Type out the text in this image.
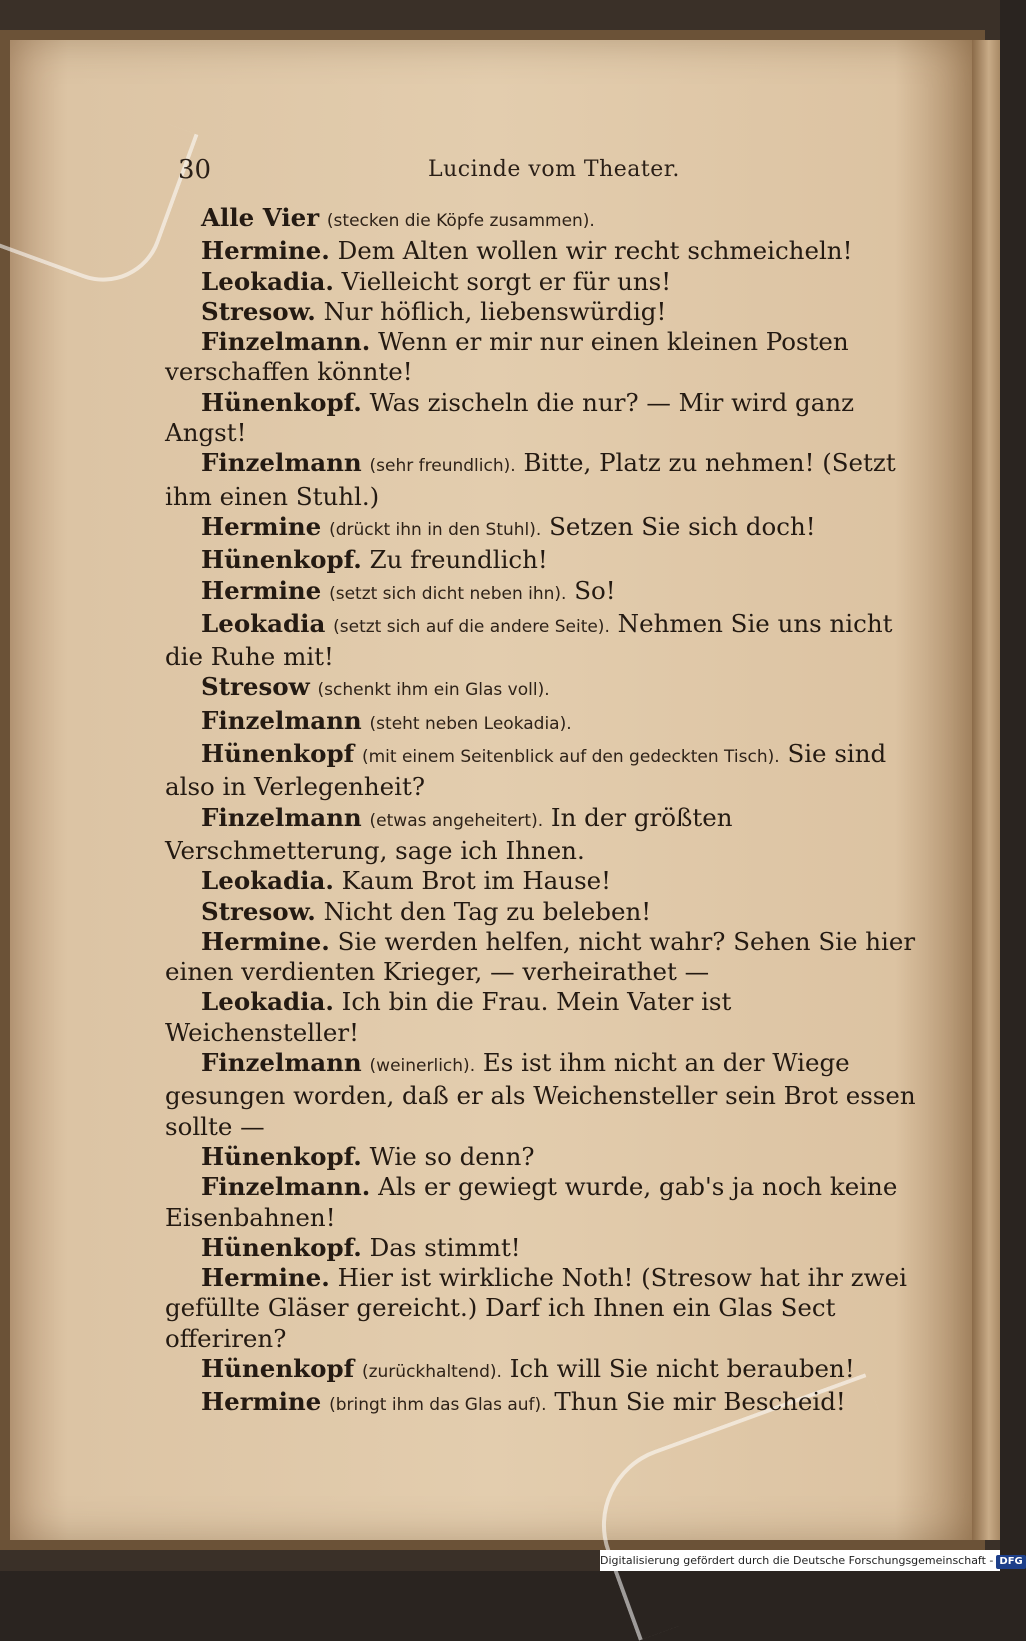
30	Lucinde vom Theater.

Alle Vier (stecken die Köpfe zusammen).

Hermine. Dem Alten wollen wir recht schmeicheln!

Leokadia. Vielleicht sorgt er für uns!

Stresow. Nur höflich, liebenswürdig!

Finzelmann. Wenn er mir nur einen kleinen Posten verschaffen könnte!

Hünenkopf. Was zischeln die nur? — Mir wird ganz Angst!

Finzelmann (sehr freundlich). Bitte, Platz zu nehmen! (Setzt ihm einen Stuhl.)

Hermine (drückt ihn in den Stuhl). Setzen Sie sich doch!

Hünenkopf. Zu freundlich!

Hermine (setzt sich dicht neben ihn). So!

Leokadia (setzt sich auf die andere Seite). Nehmen Sie uns nicht die Ruhe mit!

Stresow (schenkt ihm ein Glas voll).

Finzelmann (steht neben Leokadia).

Hünenkopf (mit einem Seitenblick auf den gedeckten Tisch). Sie sind also in Verlegenheit?

Finzelmann (etwas angeheitert). In der größten Verschmetterung, sage ich Ihnen.

Leokadia. Kaum Brot im Hause!

Stresow. Nicht den Tag zu beleben!

Hermine. Sie werden helfen, nicht wahr? Sehen Sie hier einen verdienten Krieger, — verheirathet —

Leokadia. Ich bin die Frau. Mein Vater ist Weichensteller!

Finzelmann (weinerlich). Es ist ihm nicht an der Wiege gesungen worden, daß er als Weichensteller sein Brot essen sollte —

Hünenkopf. Wie so denn?

Finzelmann. Als er gewiegt wurde, gab's ja noch keine Eisenbahnen!

Hünenkopf. Das stimmt!

Hermine. Hier ist wirkliche Noth! (Stresow hat ihr zwei gefüllte Gläser gereicht.) Darf ich Ihnen ein Glas Sect offeriren?

Hünenkopf (zurückhaltend). Ich will Sie nicht berauben!

Hermine (bringt ihm das Glas auf). Thun Sie mir Bescheid!

Digitalisierung gefördert durch die Deutsche Forschungsgemeinschaft - DFG
